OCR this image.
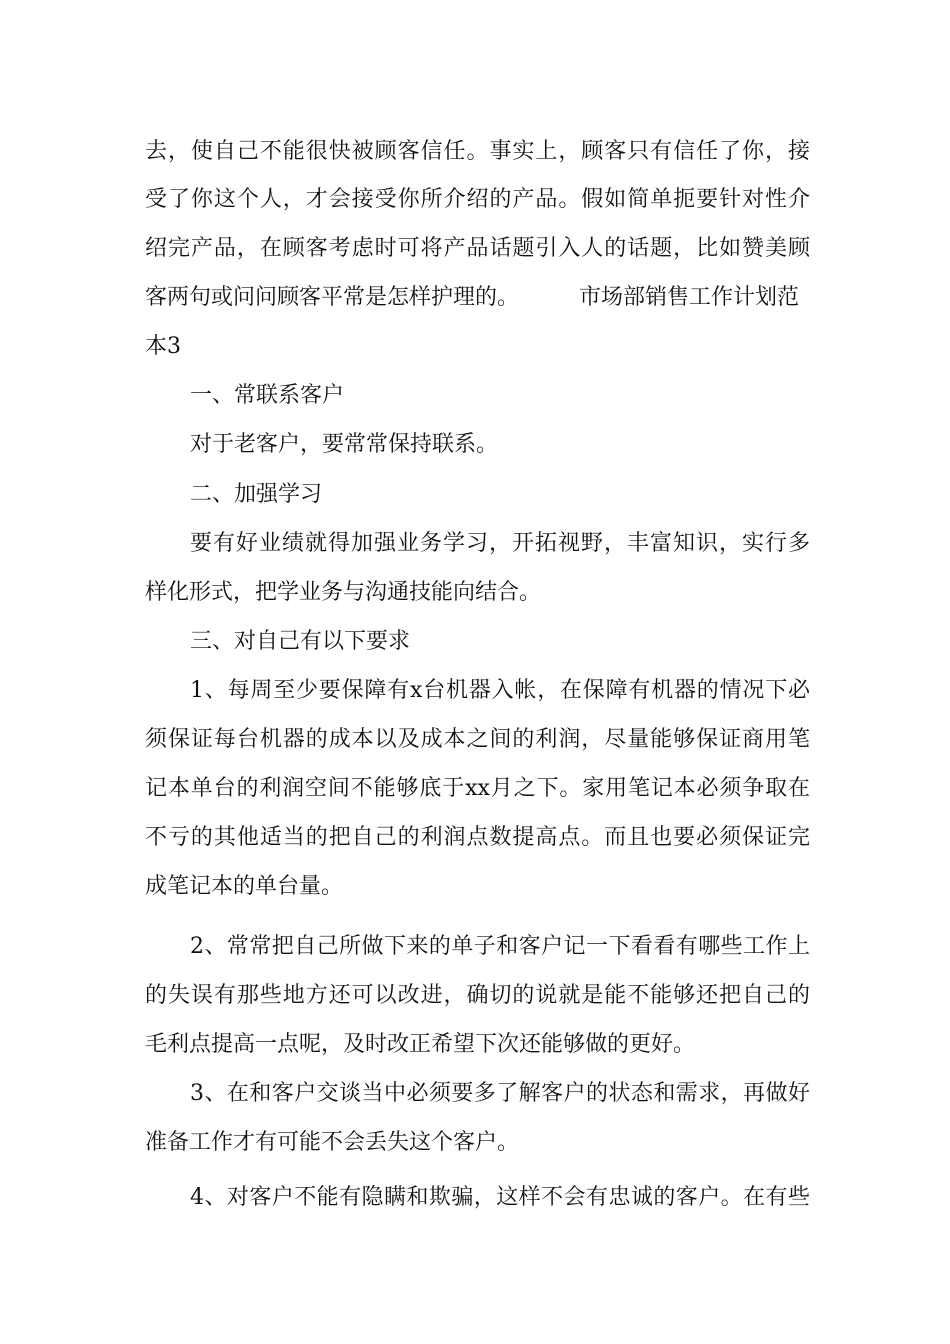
去，使自己不能很快被顾客信任。事实上，顾客只有信任了你，接
受了你这个人，才会接受你所介绍的产品。假如简单扼要针对性介
绍完产品，在顾客考虑时可将产品话题引入人的话题，比如赞美顾
客两句或问问顾客平常是怎样护理的。	市场部销售工作计划范
本3
一、常联系客户
对于老客户，要常常保持联系。
二、加强学习
要有好业绩就得加强业务学习，开拓视野，丰富知识，实行多
样化形式，把学业务与沟通技能向结合。
三、对自己有以下要求
1、每周至少要保障有x台机器入帐，在保障有机器的情况下必
须保证每台机器的成本以及成本之间的利润，尽量能够保证商用笔
记本单台的利润空间不能够底于xx月之下。家用笔记本必须争取在
不亏的其他适当的把自己的利润点数提高点。而且也要必须保证完
成笔记本的单台量。
2、常常把自己所做下来的单子和客户记一下看看有哪些工作上
的失误有那些地方还可以改进，确切的说就是能不能够还把自己的
毛利点提高一点呢，及时改正希望下次还能够做的更好。
3、在和客户交谈当中必须要多了解客户的状态和需求，再做好
准备工作才有可能不会丢失这个客户。
4、对客户不能有隐瞒和欺骗，这样不会有忠诚的客户。在有些
